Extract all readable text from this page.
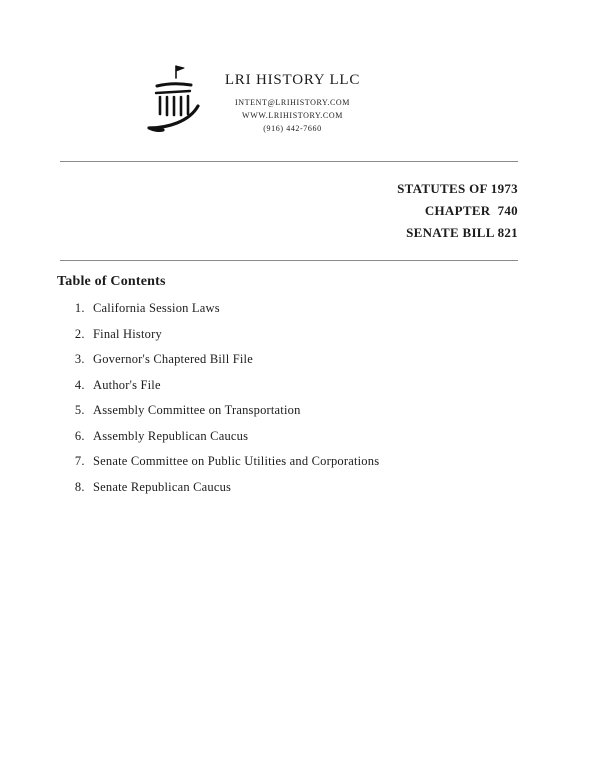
LRI HISTORY LLC
INTENT@LRIHISTORY.COM
WWW.LRIHISTORY.COM
(916) 442-7660
STATUTES OF 1973
CHAPTER  740
SENATE BILL 821
Table of Contents
1. California Session Laws
2. Final History
3. Governor's Chaptered Bill File
4. Author's File
5. Assembly Committee on Transportation
6. Assembly Republican Caucus
7. Senate Committee on Public Utilities and Corporations
8. Senate Republican Caucus
